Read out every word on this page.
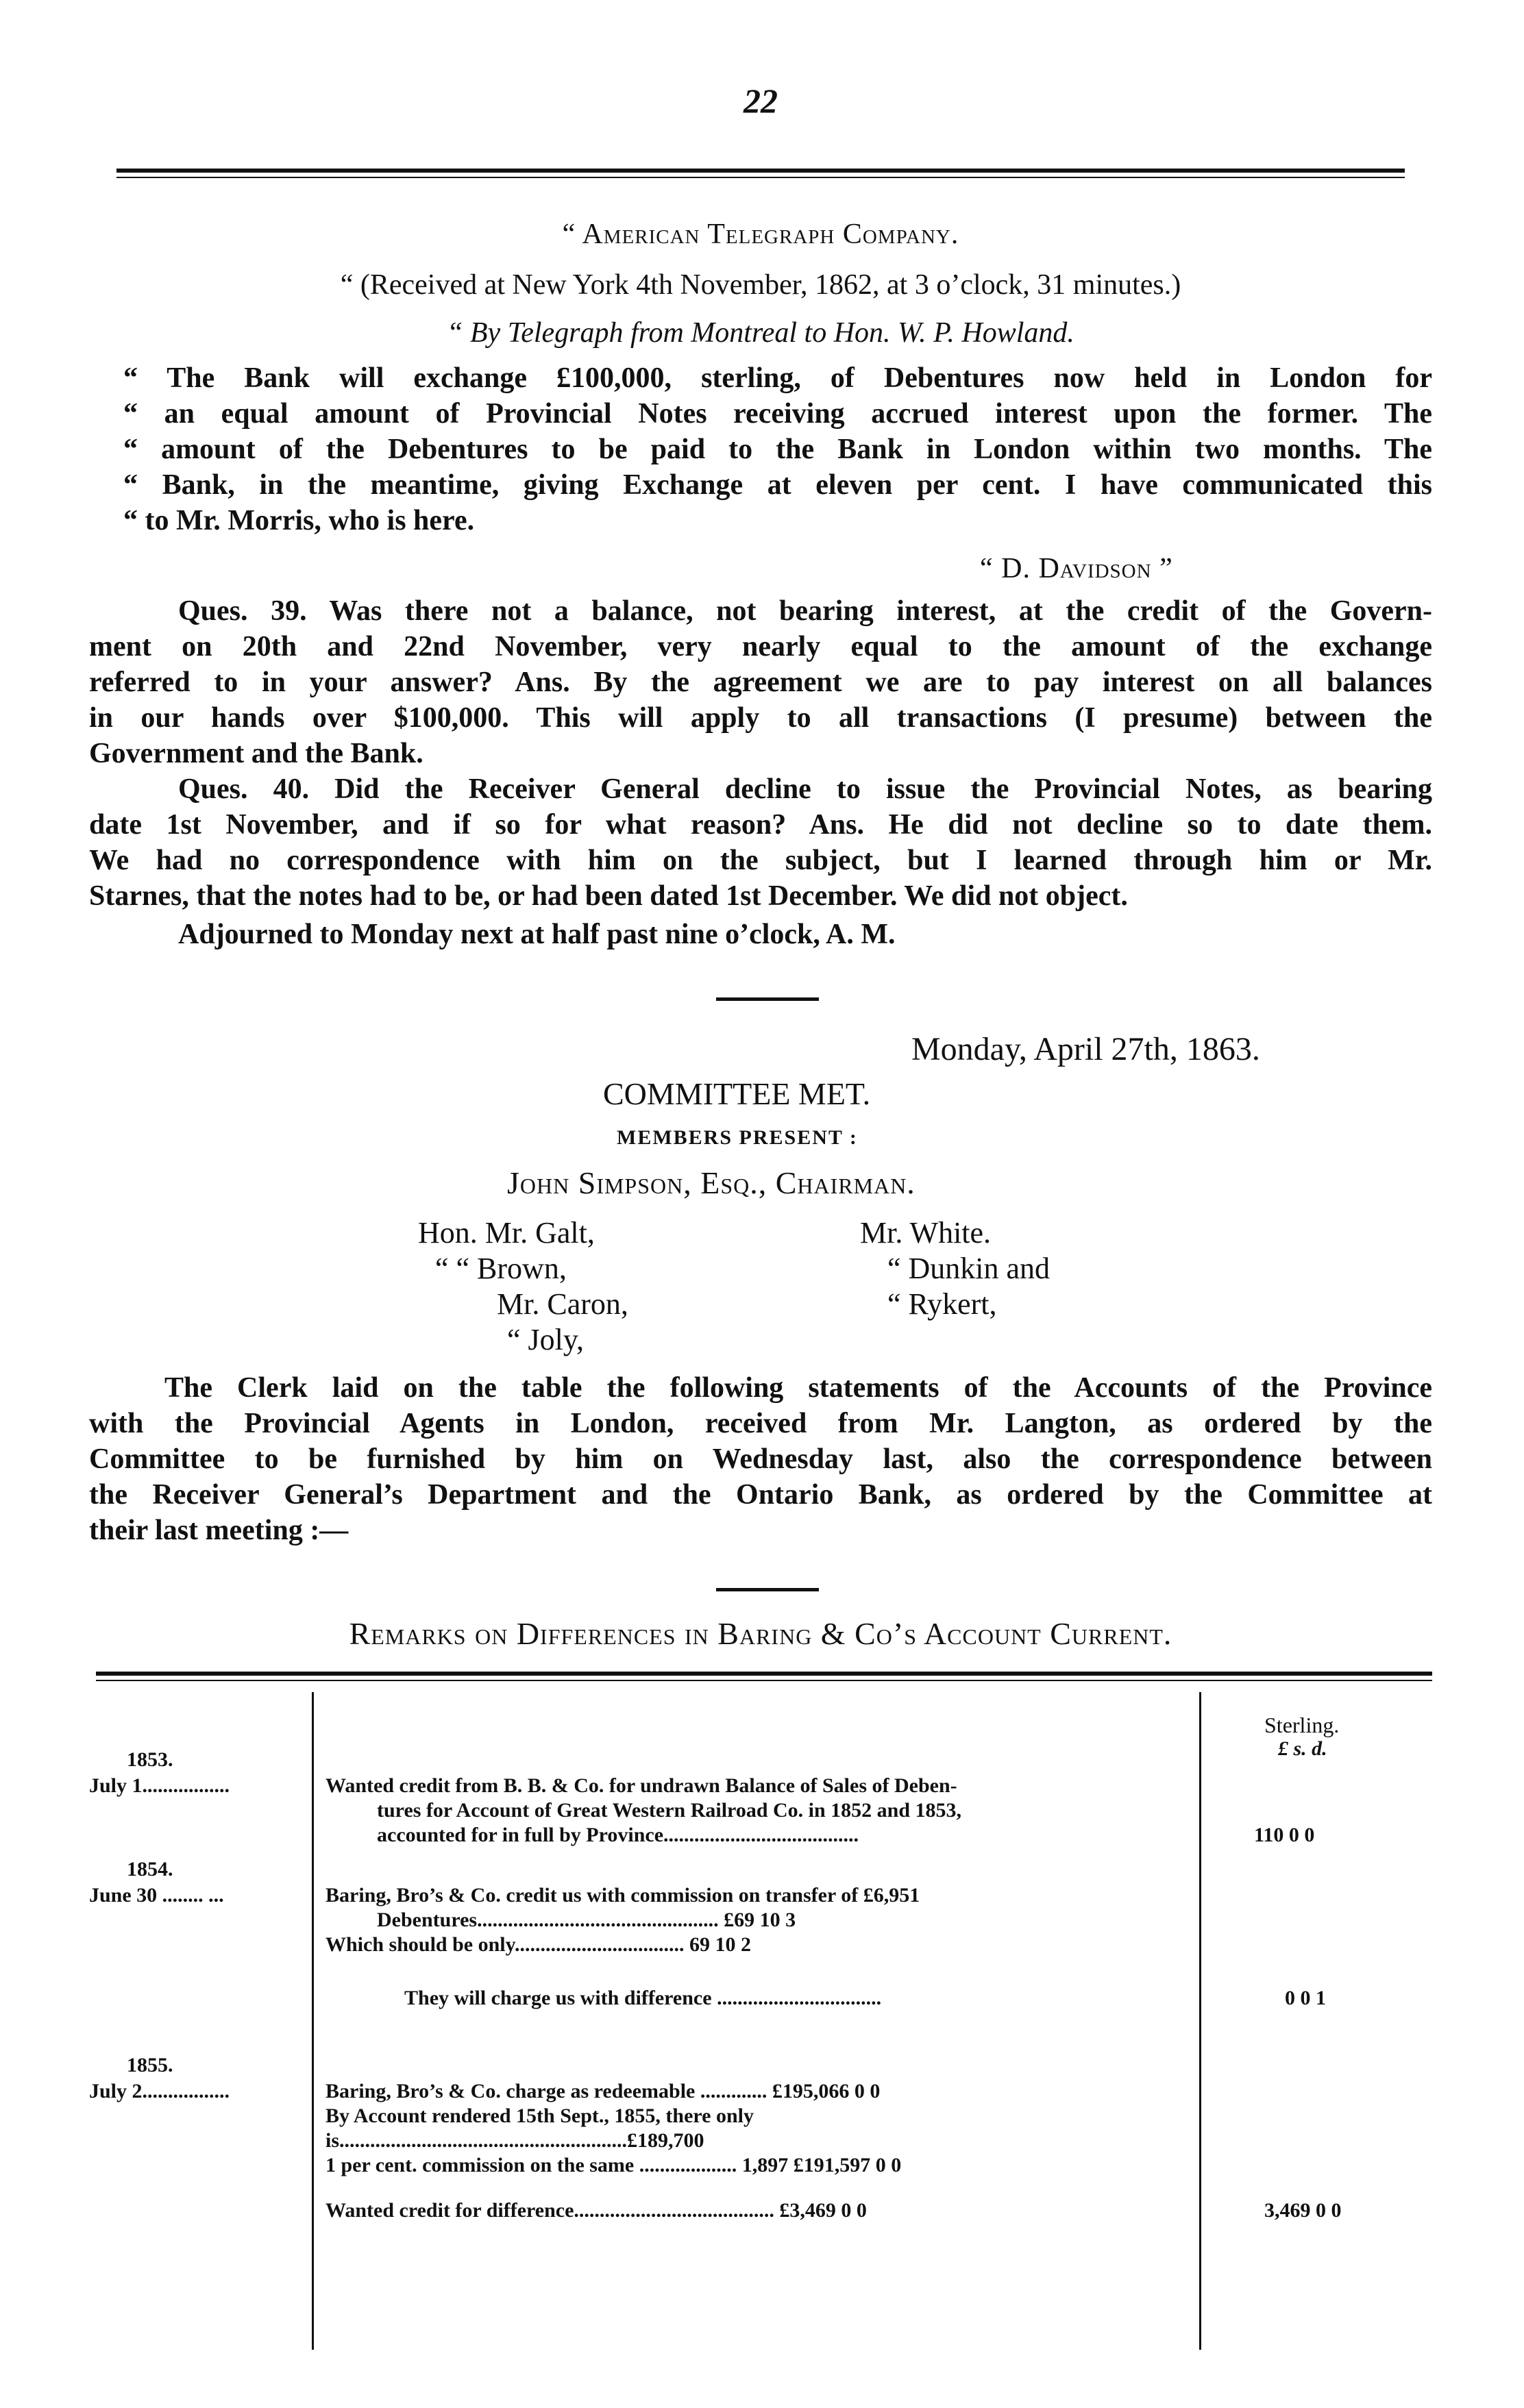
22
“ American Telegraph Company.
“ (Received at New York 4th November, 1862, at 3 o’clock, 31 minutes.)
“ By Telegraph from Montreal to Hon. W. P. Howland.
“ The Bank will exchange £100,000, sterling, of Debentures now held in London for
“ an equal amount of Provincial Notes receiving accrued interest upon the former. The
“ amount of the Debentures to be paid to the Bank in London within two months. The
“ Bank, in the meantime, giving Exchange at eleven per cent. I have communicated this
“ to Mr. Morris, who is here.
“ D. Davidson ”
Ques. 39. Was there not a balance, not bearing interest, at the credit of the Govern-
ment on 20th and 22nd November, very nearly equal to the amount of the exchange
referred to in your answer? Ans. By the agreement we are to pay interest on all balances
in our hands over $100,000. This will apply to all transactions (I presume) between the
Government and the Bank.
Ques. 40. Did the Receiver General decline to issue the Provincial Notes, as bearing
date 1st November, and if so for what reason? Ans. He did not decline so to date them.
We had no correspondence with him on the subject, but I learned through him or Mr.
Starnes, that the notes had to be, or had been dated 1st December. We did not object.
Adjourned to Monday next at half past nine o’clock, A. M.
Monday, April 27th, 1863.
COMMITTEE MET.
MEMBERS PRESENT :
John Simpson, Esq., Chairman.
Hon. Mr. Galt,
“ “ Brown,
Mr. Caron,
“ Joly,
Mr. White.
“ Dunkin and
“ Rykert,
The Clerk laid on the table the following statements of the Accounts of the Province
with the Provincial Agents in London, received from Mr. Langton, as ordered by the
Committee to be furnished by him on Wednesday last, also the correspondence between
the Receiver General’s Department and the Ontario Bank, as ordered by the Committee at
their last meeting :—
Remarks on Differences in Baring & Co’s Account Current.
Sterling.
£ s. d.
1853.
July 1.................	Wanted credit from B. B. & Co. for undrawn Balance of Sales of Deben-
tures for Account of Great Western Railroad Co. in 1852 and 1853,
accounted for in full by Province......................................	110 0 0
1854.
June 30 ........ ...	Baring, Bro’s & Co. credit us with commission on transfer of £6,951
Debentures............................................... £69 10 3
Which should be only................................. 69 10 2
They will charge us with difference ................................	0 0 1
1855.
July 2.................	Baring, Bro’s & Co. charge as redeemable ............. £195,066 0 0
By Account rendered 15th Sept., 1855, there only
is........................................................£189,700
1 per cent. commission on the same ................... 1,897 £191,597 0 0
Wanted credit for difference....................................... £3,469 0 0	3,469 0 0
